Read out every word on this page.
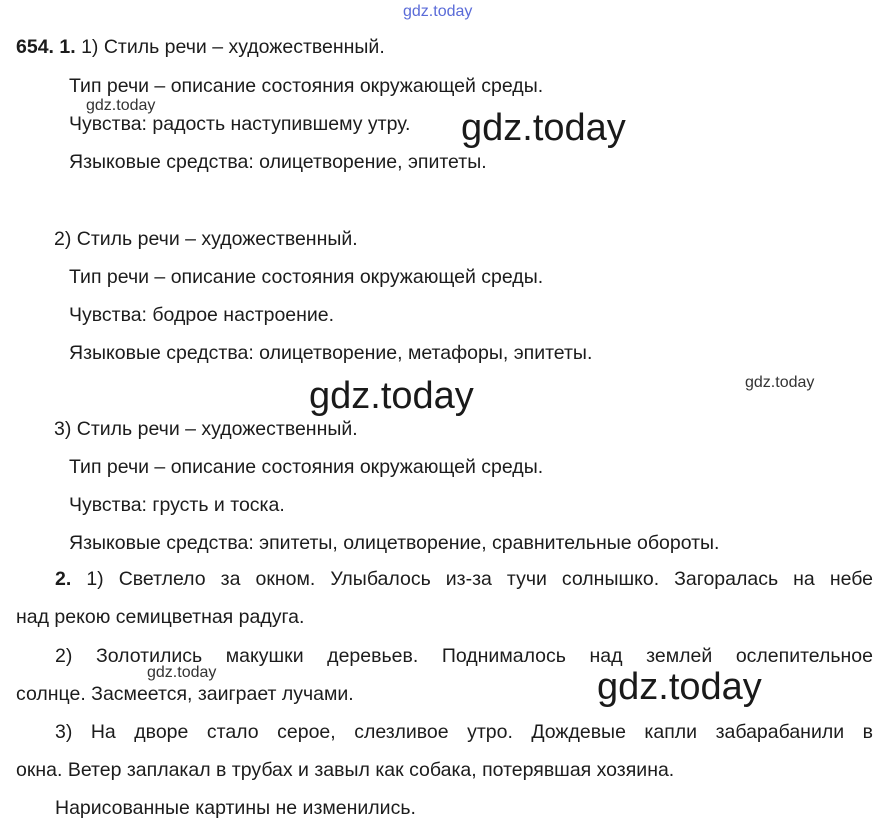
gdz.today
654. 1. 1) Стиль речи – художественный.
Тип речи – описание состояния окружающей среды.
Чувства: радость наступившему утру.
Языковые средства: олицетворение, эпитеты.
2) Стиль речи – художественный.
Тип речи – описание состояния окружающей среды.
Чувства: бодрое настроение.
Языковые средства: олицетворение, метафоры, эпитеты.
3) Стиль речи – художественный.
Тип речи – описание состояния окружающей среды.
Чувства: грусть и тоска.
Языковые средства: эпитеты, олицетворение, сравнительные обороты.
2. 1) Светлело за окном. Улыбалось из-за тучи солнышко. Загоралась на небе
над рекою семицветная радуга.
2) Золотились макушки деревьев. Поднималось над землей ослепительное
солнце. Засмеется, заиграет лучами.
3) На дворе стало серое, слезливое утро. Дождевые капли забарабанили в
окна. Ветер заплакал в трубах и завыл как собака, потерявшая хозяина.
Нарисованные картины не изменились.
gdz.today
gdz.today
gdz.today	gdz.today
gdz.today	gdz.today
